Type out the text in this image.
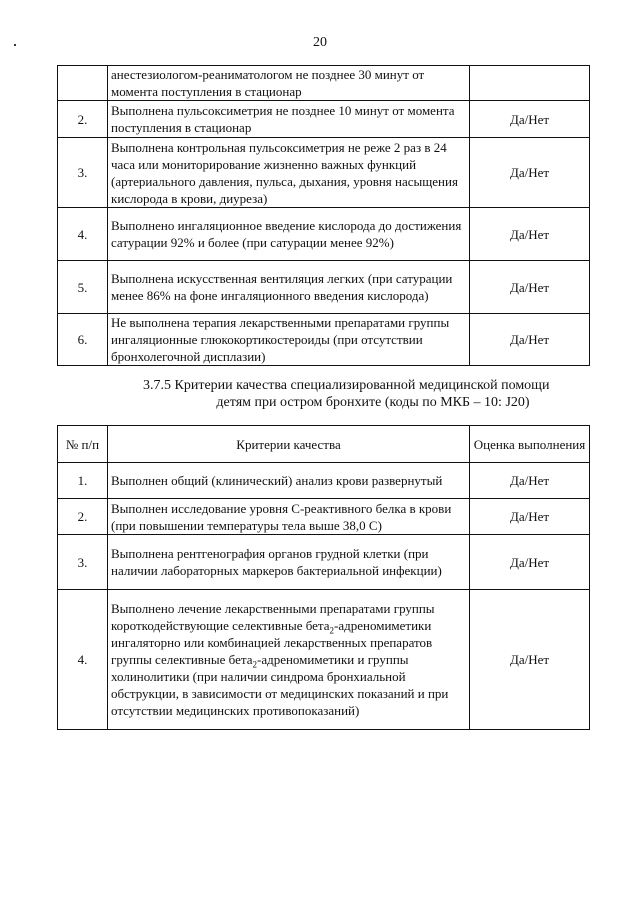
20
	анестезиологом-реаниматологом не позднее 30 минут от момента поступления в стационар	
2.	Выполнена пульсоксиметрия не позднее 10 минут от момента поступления в стационар	Да/Нет
3.	Выполнена контрольная пульсоксиметрия не реже 2 раз в 24 часа или мониторирование жизненно важных функций (артериального давления, пульса, дыхания, уровня насыщения кислорода в крови, диуреза)	Да/Нет
4.	Выполнено ингаляционное введение кислорода до достижения сатурации 92% и более (при сатурации менее 92%)	Да/Нет
5.	Выполнена искусственная вентиляция легких (при сатурации менее 86% на фоне ингаляционного введения кислорода)	Да/Нет
6.	Не выполнена терапия лекарственными препаратами группы ингаляционные глюкокортикостероиды (при отсутствии бронхолегочной дисплазии)	Да/Нет
3.7.5 Критерии качества специализированной медицинской помощи
детям при остром бронхите (коды по МКБ – 10: J20)
№ п/п	Критерии качества	Оценка выполнения
1.	Выполнен общий (клинический) анализ крови развернутый	Да/Нет
2.	Выполнен исследование уровня С-реактивного белка в крови (при повышении температуры тела выше 38,0 С)	Да/Нет
3.	Выполнена рентгенография органов грудной клетки (при наличии лабораторных маркеров бактериальной инфекции)	Да/Нет
4.	Выполнено лечение лекарственными препаратами группы короткодействующие селективные бета$_2$-адреномиметики ингаляторно или комбинацией лекарственных препаратов группы селективные бета$_2$-адреномиметики и группы холинолитики (при наличии синдрома бронхиальной обструкции, в зависимости от медицинских показаний и при отсутствии медицинских противопоказаний)	Да/Нет
